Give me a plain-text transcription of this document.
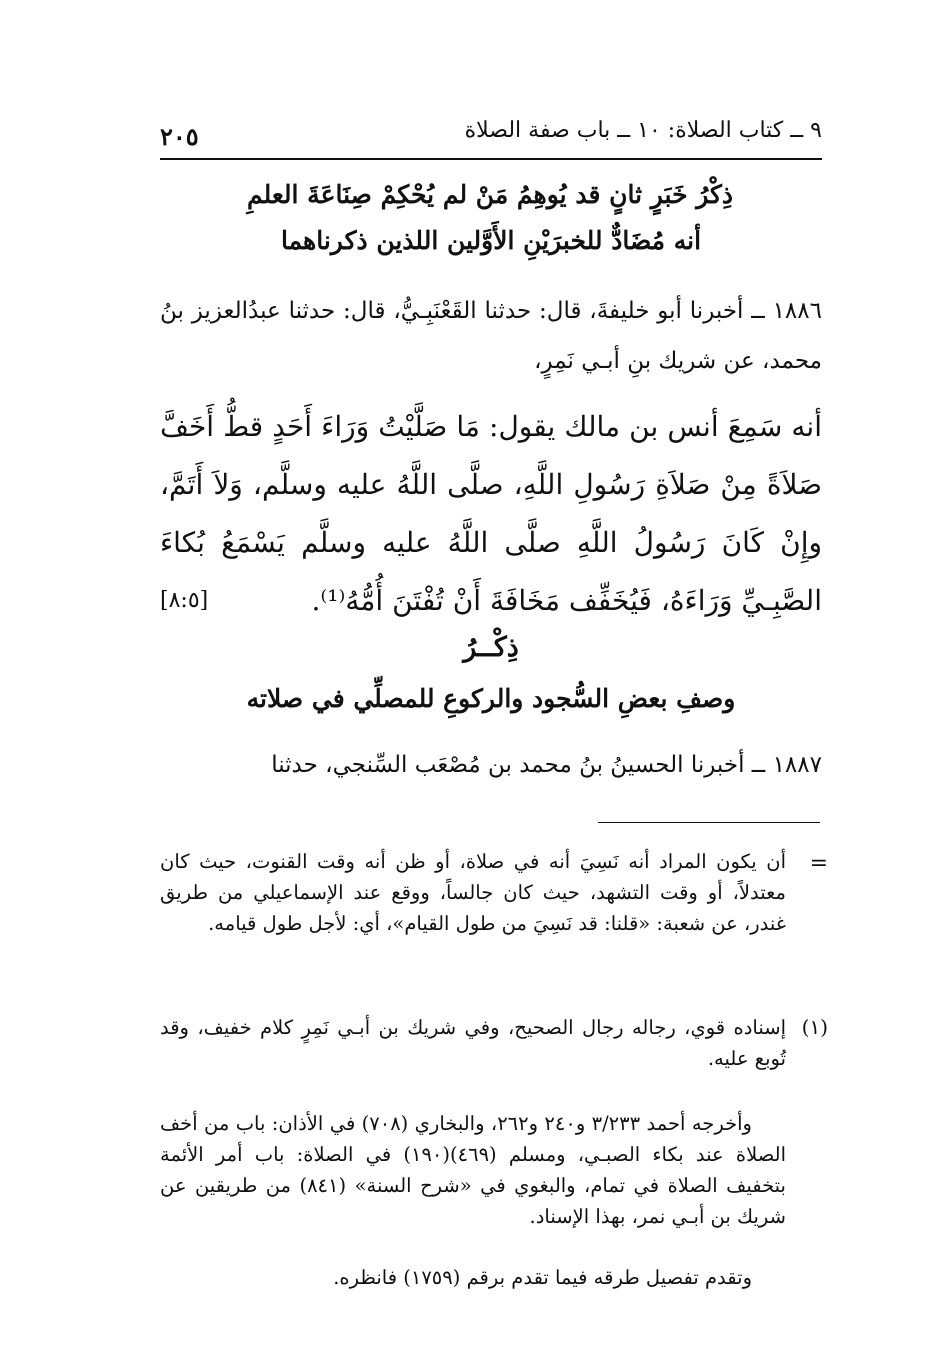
٩ ــ كتاب الصلاة: ١٠ ــ باب صفة الصلاة
٢٠٥
ذِكْرُ خَبَرٍ ثانٍ قد يُوهِمُ مَنْ لم يُحْكِمْ صِنَاعَةَ العلمِ
أنه مُضَادٌّ للخبرَيْنِ الأَوَّلين اللذين ذكرناهما
١٨٨٦ ــ أخبرنا أبو خليفةَ، قال: حدثنا القَعْنَبِـيُّ، قال: حدثنا عبدُالعزيز بنُ محمد، عن شريك بنِ أبـي نَمِرٍ،
أنه سَمِعَ أنس بن مالك يقول: مَا صَلَّيْتُ وَرَاءَ أَحَدٍ قطُّ أَخَفَّ صَلاَةً مِنْ صَلاَةِ رَسُولِ اللَّهِ، صلَّى اللَّهُ عليه وسلَّم، وَلاَ أَتَمَّ، وإِنْ كَانَ رَسُولُ اللَّهِ صلَّى اللَّهُ عليه وسلَّم يَسْمَعُ بُكاءَ الصَّبِـيِّ وَرَاءَهُ، فَيُخَفِّف مَخَافَةَ أَنْ تُفْتَنَ أُمُّهُ⁽¹⁾.
[٨:٥]
ذِكْــرُ
وصفِ بعضِ السُّجود والركوعِ للمصلِّي في صلاته
١٨٨٧ ــ أخبرنا الحسينُ بنُ محمد بن مُصْعَب السِّنجي، حدثنا
=
أن يكون المراد أنه نَسِيَ أنه في صلاة، أو ظن أنه وقت القنوت، حيث كان معتدلاً، أو وقت التشهد، حيث كان جالساً، ووقع عند الإسماعيلي من طريق غندر، عن شعبة: «قلنا: قد نَسِيَ من طول القيام»، أي: لأجل طول قيامه.
(١)
إسناده قوي، رجاله رجال الصحيح، وفي شريك بن أبـي نَمِرٍ كلام خفيف، وقد تُوبع عليه.
وأخرجه أحمد ٣/٢٣٣ و٢٤٠ و٢٦٢، والبخاري (٧٠٨) في الأذان: باب من أخف الصلاة عند بكاء الصبـي، ومسلم (٤٦٩)(١٩٠) في الصلاة: باب أمر الأئمة بتخفيف الصلاة في تمام، والبغوي في «شرح السنة» (٨٤١) من طريقين عن شريك بن أبـي نمر، بهذا الإسناد.
وتقدم تفصيل طرقه فيما تقدم برقم (١٧٥٩) فانظره.
